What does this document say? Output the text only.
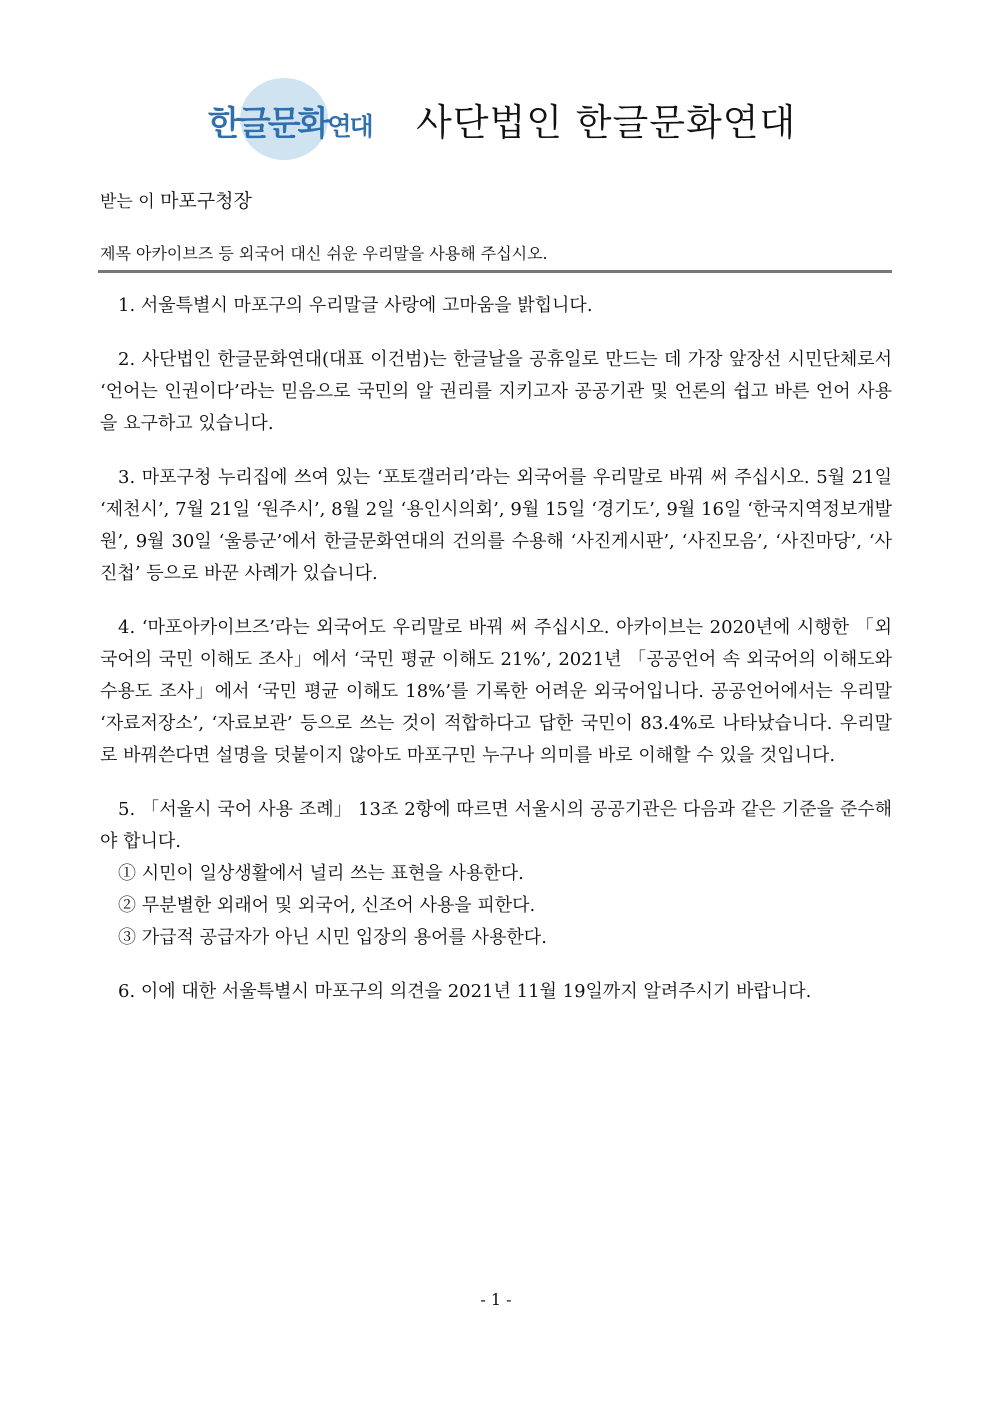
한글문화연대 사단법인 한글문화연대
받는 이 마포구청장
제목 아카이브즈 등 외국어 대신 쉬운 우리말을 사용해 주십시오.

1. 서울특별시 마포구의 우리말글 사랑에 고마움을 밝힙니다.

2. 사단법인 한글문화연대(대표 이건범)는 한글날을 공휴일로 만드는 데 가장 앞장선 시민단체로서 ‘언어는 인권이다’라는 믿음으로 국민의 알 권리를 지키고자 공공기관 및 언론의 쉽고 바른 언어 사용을 요구하고 있습니다.

3. 마포구청 누리집에 쓰여 있는 ‘포토갤러리’라는 외국어를 우리말로 바꿔 써 주십시오. 5월 21일 ‘제천시’, 7월 21일 ‘원주시’, 8월 2일 ‘용인시의회’, 9월 15일 ‘경기도’, 9월 16일 ‘한국지역정보개발원’, 9월 30일 ‘울릉군’에서 한글문화연대의 건의를 수용해 ‘사진게시판’, ‘사진모음’, ‘사진마당’, ‘사진첩’ 등으로 바꾼 사례가 있습니다.

4. ‘마포아카이브즈’라는 외국어도 우리말로 바꿔 써 주십시오. 아카이브는 2020년에 시행한 「외국어의 국민 이해도 조사」에서 ‘국민 평균 이해도 21%’, 2021년 「공공언어 속 외국어의 이해도와 수용도 조사」에서 ‘국민 평균 이해도 18%’를 기록한 어려운 외국어입니다. 공공언어에서는 우리말 ‘자료저장소’, ‘자료보관’ 등으로 쓰는 것이 적합하다고 답한 국민이 83.4%로 나타났습니다. 우리말로 바꿔쓴다면 설명을 덧붙이지 않아도 마포구민 누구나 의미를 바로 이해할 수 있을 것입니다.

5. 「서울시 국어 사용 조례」 13조 2항에 따르면 서울시의 공공기관은 다음과 같은 기준을 준수해야 합니다.

① 시민이 일상생활에서 널리 쓰는 표현을 사용한다.
② 무분별한 외래어 및 외국어, 신조어 사용을 피한다.
③ 가급적 공급자가 아닌 시민 입장의 용어를 사용한다.

6. 이에 대한 서울특별시 마포구의 의견을 2021년 11월 19일까지 알려주시기 바랍니다.

- 1 -
